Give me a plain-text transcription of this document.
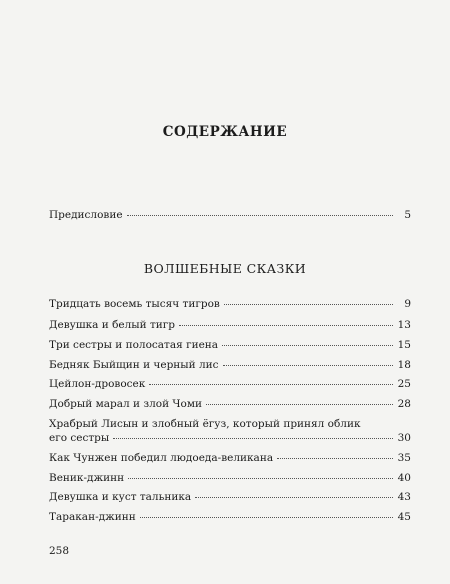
СОДЕРЖАНИЕ
Предисловие	5
ВОЛШЕБНЫЕ СКАЗКИ
Тридцать восемь тысяч тигров	9
Девушка и белый тигр	13
Три сестры и полосатая гиена	15
Бедняк Быйщин и черный лис	18
Цейлон-дровосек	25
Добрый марал и злой Чоми	28
Храбрый Лисын и злобный ёгуз, который принял облик
его сестры	30
Как Чунжен победил людоеда-великана	35
Веник-джинн	40
Девушка и куст тальника	43
Таракан-джинн	45
258
